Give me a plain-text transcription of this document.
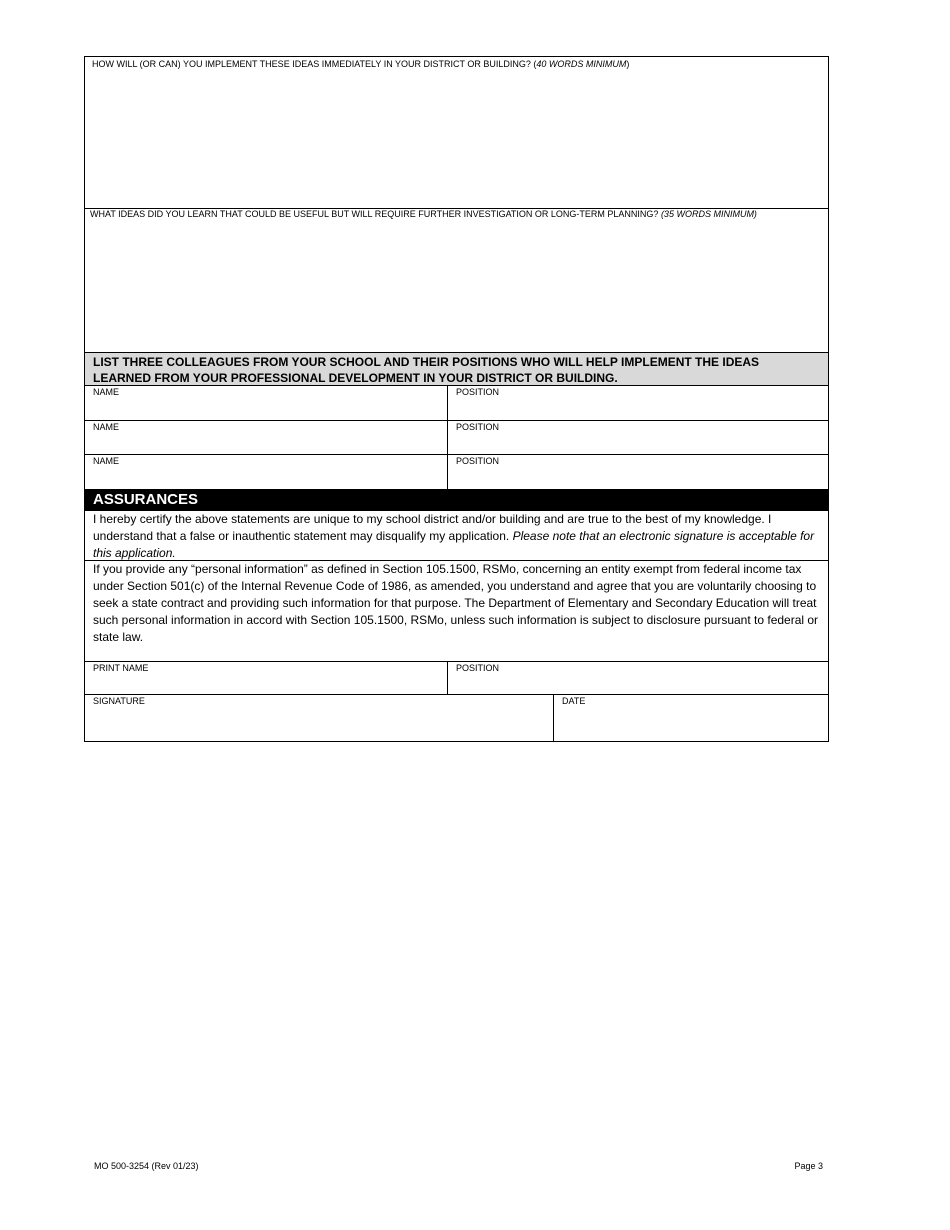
HOW WILL (OR CAN) YOU IMPLEMENT THESE IDEAS IMMEDIATELY IN YOUR DISTRICT OR BUILDING? (40 WORDS MINIMUM)
WHAT IDEAS DID YOU LEARN THAT COULD BE USEFUL BUT WILL REQUIRE FURTHER INVESTIGATION OR LONG-TERM PLANNING? (35 WORDS MINIMUM)
LIST THREE COLLEAGUES FROM YOUR SCHOOL AND THEIR POSITIONS WHO WILL HELP IMPLEMENT THE IDEAS LEARNED FROM YOUR PROFESSIONAL DEVELOPMENT IN YOUR DISTRICT OR BUILDING.
NAME	POSITION
NAME	POSITION
NAME	POSITION
ASSURANCES
I hereby certify the above statements are unique to my school district and/or building and are true to the best of my knowledge. I understand that a false or inauthentic statement may disqualify my application. Please note that an electronic signature is acceptable for this application.
If you provide any “personal information” as defined in Section 105.1500, RSMo, concerning an entity exempt from federal income tax under Section 501(c) of the Internal Revenue Code of 1986, as amended, you understand and agree that you are voluntarily choosing to seek a state contract and providing such information for that purpose. The Department of Elementary and Secondary Education will treat such personal information in accord with Section 105.1500, RSMo, unless such information is subject to disclosure pursuant to federal or state law.
PRINT NAME	POSITION
SIGNATURE	DATE
MO 500-3254 (Rev 01/23)	Page 3
